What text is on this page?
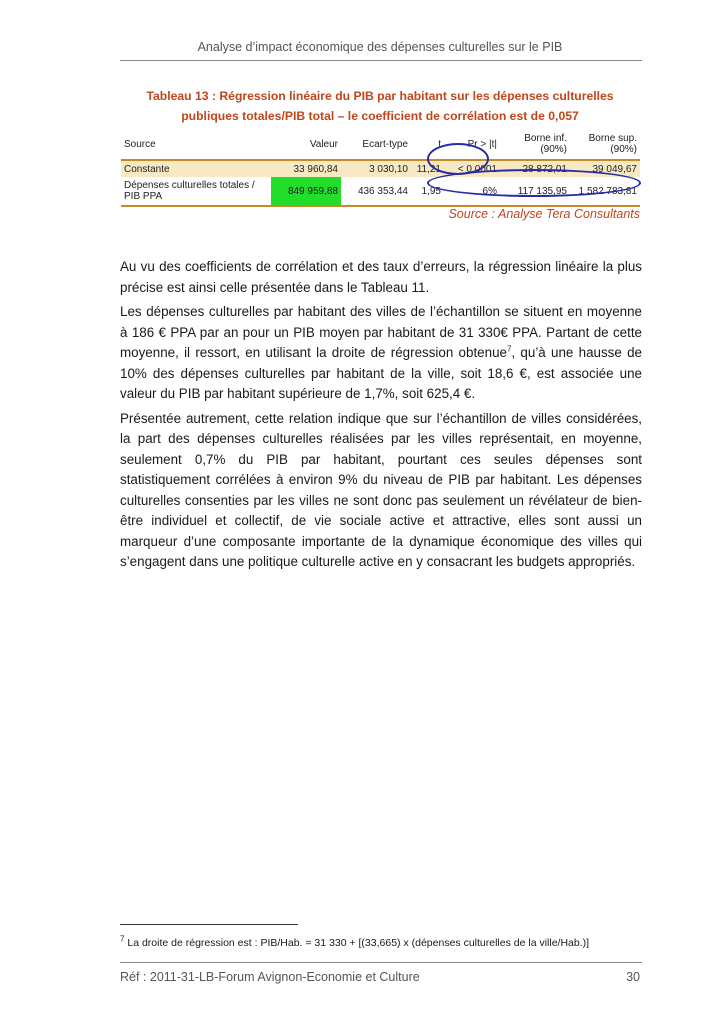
Analyse d’impact économique des dépenses culturelles sur le PIB
Tableau 13 : Régression linéaire du PIB par habitant sur les dépenses culturelles
publiques totales/PIB total – le coefficient de corrélation est de 0,057
Source	Valeur	Ecart-type	t	Pr > |t|	Borne inf. (90%)	Borne sup. (90%)
Constante	33 960,84	3 030,10	11,21	< 0,0001	28 872,01	39 049,67
Dépenses culturelles totales / PIB PPA	849 959,88	436 353,44	1,95	6%	117 135,95	1 582 783,81
Source : Analyse Tera Consultants

Au vu des coefficients de corrélation et des taux d’erreurs, la régression linéaire la plus précise est ainsi celle présentée dans le Tableau 11.

Les dépenses culturelles par habitant des villes de l’échantillon se situent en moyenne à 186 € PPA par an pour un PIB moyen par habitant de 31 330€ PPA. Partant de cette moyenne, il ressort, en utilisant la droite de régression obtenue$^7$, qu’à une hausse de 10% des dépenses culturelles par habitant de la ville, soit 18,6 €, est associée une valeur du PIB par habitant supérieure de 1,7%, soit 625,4 €.

Présentée autrement, cette relation indique que sur l’échantillon de villes considérées, la part des dépenses culturelles réalisées par les villes représentait, en moyenne, seulement 0,7% du PIB par habitant, pourtant ces seules dépenses sont statistiquement corrélées à environ 9% du niveau de PIB par habitant. Les dépenses culturelles consenties par les villes ne sont donc pas seulement un révélateur de bien-être individuel et collectif, de vie sociale active et attractive, elles sont aussi un marqueur d’une composante importante de la dynamique économique des villes qui s’engagent dans une politique culturelle active en y consacrant les budgets appropriés.

$^7$ La droite de régression est : PIB/Hab. = 31 330 + [(33,665) x (dépenses culturelles de la ville/Hab.)]
Réf : 2011-31-LB-Forum Avignon-Economie et Culture	30
